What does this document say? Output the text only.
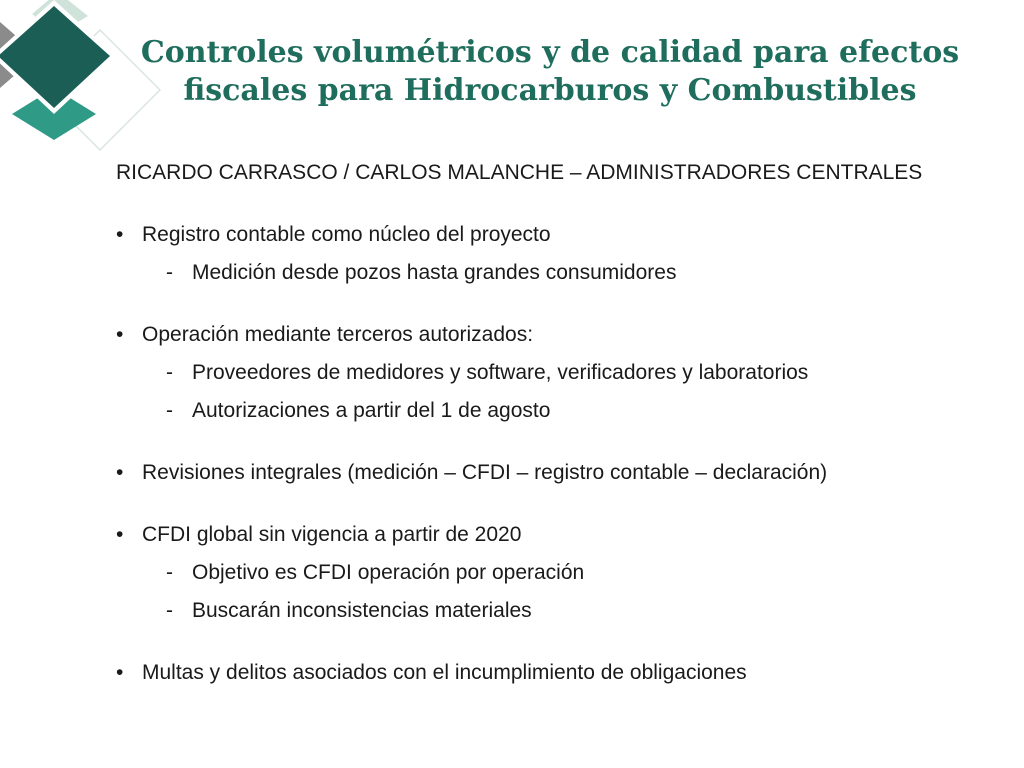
Controles volumétricos y de calidad para efectos fiscales para Hidrocarburos y Combustibles

RICARDO CARRASCO / CARLOS MALANCHE – ADMINISTRADORES CENTRALES

• Registro contable como núcleo del proyecto

- Medición desde pozos hasta grandes consumidores

• Operación mediante terceros autorizados:

- Proveedores de medidores y software, verificadores y laboratorios

- Autorizaciones a partir del 1 de agosto

• Revisiones integrales (medición – CFDI – registro contable – declaración)

• CFDI global sin vigencia a partir de 2020

- Objetivo es CFDI operación por operación

- Buscarán inconsistencias materiales

• Multas y delitos asociados con el incumplimiento de obligaciones
